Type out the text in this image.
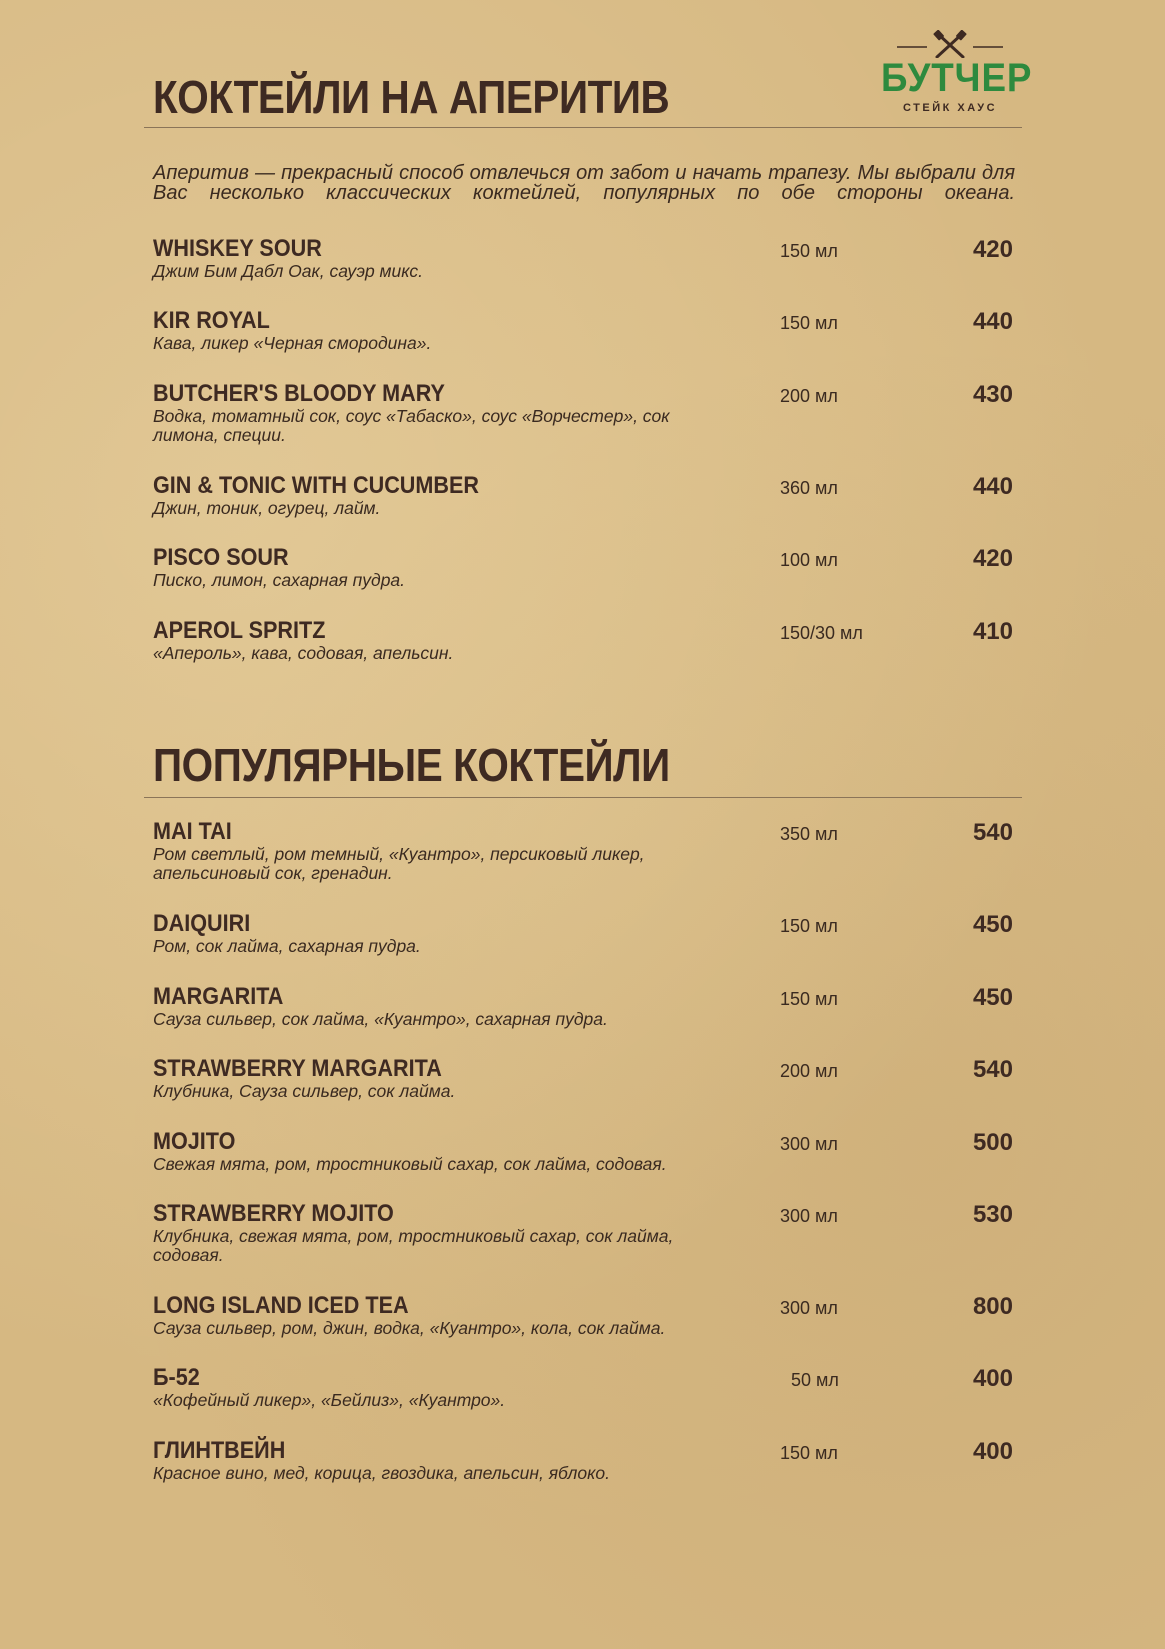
БУТЧЕР
СТЕЙК ХАУС
КОКТЕЙЛИ НА АПЕРИТИВ

Аперитив — прекрасный способ отвлечься от забот и начать трапезу. Мы выбрали для Вас несколько классических коктейлей, популярных по обе стороны океана.

WHISKEY SOUR
Джим Бим Дабл Оак, сауэр микс.
150 мл	420
KIR ROYAL
Кава, ликер «Черная смородина».
150 мл	440
BUTCHER'S BLOODY MARY
Водка, томатный сок, соус «Табаско», соус «Ворчестер», сок лимона, специи.
200 мл	430
GIN & TONIC WITH CUCUMBER
Джин, тоник, огурец, лайм.
360 мл	440
PISCO SOUR
Писко, лимон, сахарная пудра.
100 мл	420
APEROL SPRITZ
«Апероль», кава, содовая, апельсин.
150/30 мл	410
ПОПУЛЯРНЫЕ КОКТЕЙЛИ
MAI TAI
Ром светлый, ром темный, «Куантро», персиковый ликер, апельсиновый сок, гренадин.
350 мл	540
DAIQUIRI
Ром, сок лайма, сахарная пудра.
150 мл	450
MARGARITA
Сауза сильвер, сок лайма, «Куантро», сахарная пудра.
150 мл	450
STRAWBERRY MARGARITA
Клубника, Сауза сильвер, сок лайма.
200 мл	540
MOJITO
Свежая мята, ром, тростниковый сахар, сок лайма, содовая.
300 мл	500
STRAWBERRY MOJITO
Клубника, свежая мята, ром, тростниковый сахар, сок лайма, содовая.
300 мл	530
LONG ISLAND ICED TEA
Сауза сильвер, ром, джин, водка, «Куантро», кола, сок лайма.
300 мл	800
Б-52
«Кофейный ликер», «Бейлиз», «Куантро».
50 мл	400
ГЛИНТВЕЙН
Красное вино, мед, корица, гвоздика, апельсин, яблоко.
150 мл	400
